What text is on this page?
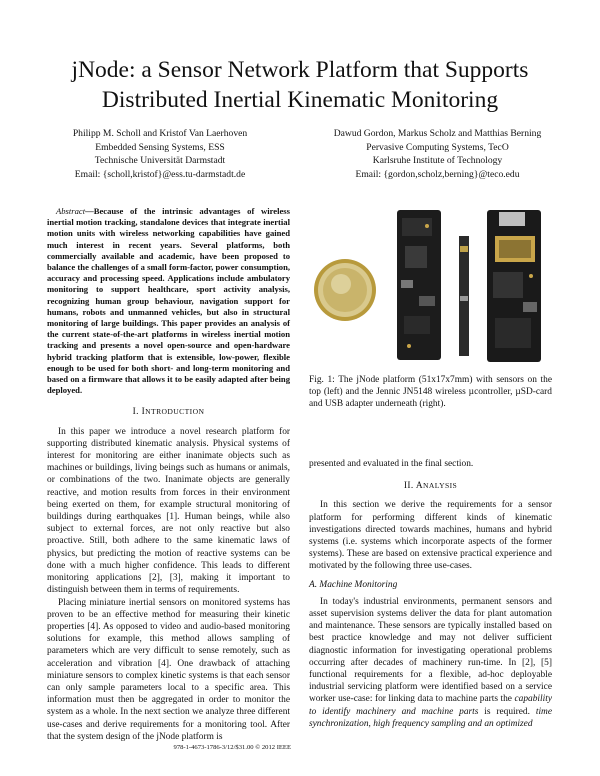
jNode: a Sensor Network Platform that Supports
Distributed Inertial Kinematic Monitoring
Philipp M. Scholl and Kristof Van Laerhoven
Embedded Sensing Systems, ESS
Technische Universität Darmstadt
Email: {scholl,kristof}@ess.tu-darmstadt.de
Dawud Gordon, Markus Scholz and Matthias Berning
Pervasive Computing Systems, TecO
Karlsruhe Institute of Technology
Email: {gordon,scholz,berning}@teco.edu

Abstract—Because of the intrinsic advantages of wireless inertial motion tracking, standalone devices that integrate inertial motion units with wireless networking capabilities have gained much interest in recent years. Several platforms, both commercially available and academic, have been proposed to balance the challenges of a small form-factor, power consumption, accuracy and processing speed. Applications include ambulatory monitoring to support healthcare, sport activity analysis, recognizing human group behaviour, navigation support for humans, robots and unmanned vehicles, but also in structural monitoring of large buildings. This paper provides an analysis of the current state-of-the-art platforms in wireless inertial motion tracking and presents a novel open-source and open-hardware hybrid tracking platform that is extensible, low-power, flexible enough to be used for both short- and long-term monitoring and based on a firmware that allows it to be easily adapted after being deployed.

I. INTRODUCTION

In this paper we introduce a novel research platform for supporting distributed kinematic analysis. Physical systems of interest for monitoring are either inanimate objects such as machines or buildings, living beings such as humans or animals, or combinations of the two. Inanimate objects are generally reactive, and motion results from forces in their environment being exerted on them, for example structural monitoring of buildings during earthquakes [1]. Human beings, while also subject to external forces, are not only reactive but also proactive. Still, both adhere to the same kinematic laws of physics, but predicting the motion of reactive systems can be done with a much higher confidence. This leads to different monitoring applications [2], [3], making it important to distinguish between them in terms of requirements.

Placing miniature inertial sensors on monitored systems has proven to be an effective method for measuring their kinetic properties [4]. As opposed to video and audio-based monitoring solutions for example, this method allows sampling of parameters which are very difficult to sense remotely, such as acceleration and vibration [4]. One drawback of attaching miniature sensors to complex kinetic systems is that each sensor can only sample parameters local to a specific area. This information must then be aggregated in order to monitor the system as a whole. In the next section we analyze three different use-cases and derive requirements for a monitoring tool. After that the system design of the jNode platform is

Fig. 1: The jNode platform (51x17x7mm) with sensors on the top (left) and the Jennic JN5148 wireless µcontroller, µSD-card and USB adapter underneath (right).

presented and evaluated in the final section.

II. ANALYSIS

In this section we derive the requirements for a sensor platform for performing different kinds of kinematic investigations directed towards machines, humans and hybrid systems (i.e. systems which incorporate aspects of the former systems). These are based on extensive practical experience and motivated by the following three use-cases.

A. Machine Monitoring

In today's industrial environments, permanent sensors and asset supervision systems deliver the data for plant automation and maintenance. These sensors are typically installed based on best practice knowledge and may not deliver sufficient diagnostic information for investigating operational problems occurring after decades of machinery run-time. In [2], [5] functional requirements for a flexible, ad-hoc deployable industrial servicing platform were identified based on a service worker use-case: for linking data to machine parts the capability to identify machinery and machine parts is required. time synchronization, high frequency sampling and an optimized

978-1-4673-1786-3/12/$31.00 © 2012 IEEE
